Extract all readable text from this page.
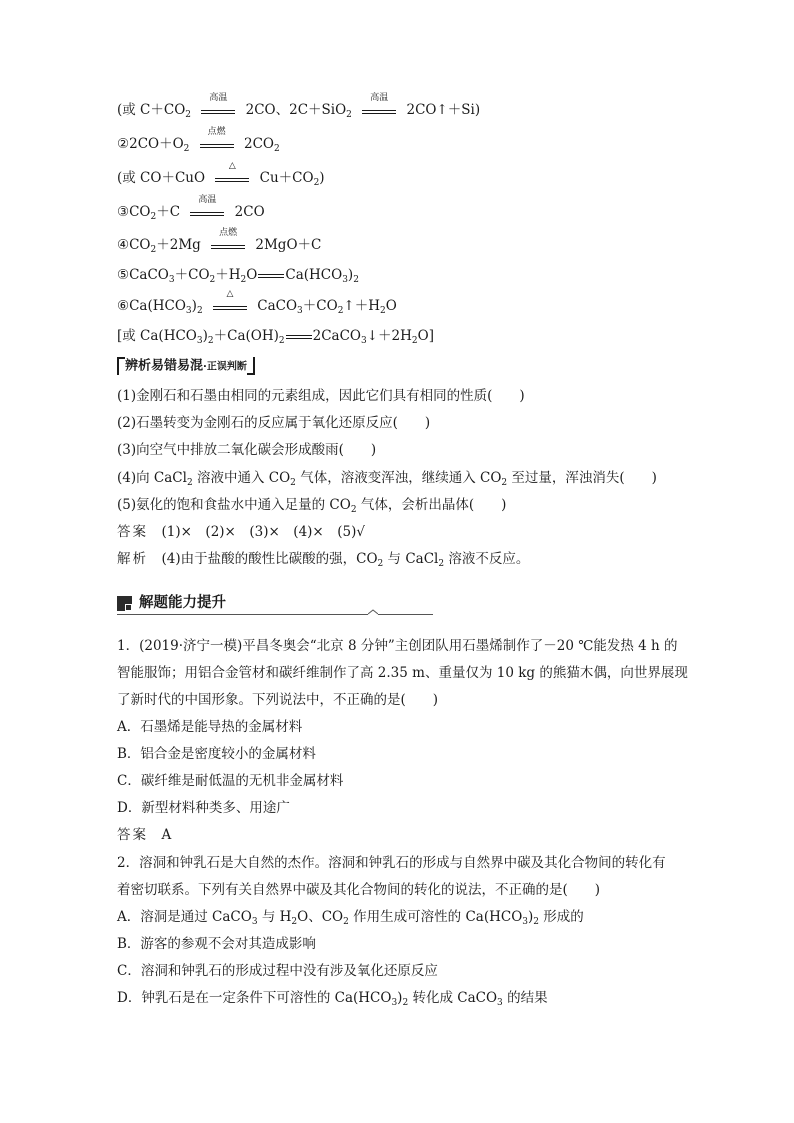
(或 $C+CO_2$
高温
2CO、2C＋SiO$_2$
高温
2CO↑＋Si)
$②2CO+O_2$
点燃
$2CO_2$
(或 CO＋CuO
△
$Cu+CO_2$)
$③CO_2+C$
高温
2CO
$④CO_2+2Mg$
点燃
2MgO＋C
$⑤CaCO_3+CO_2+H_2O$ $Ca(HCO_3)_2$
$⑥Ca(HCO_3)_2$
△
$CaCO_3+CO_2↑+H_2O$
[或 $Ca(HCO_3)_2+Ca(OH)_2$ $2CaCO_3↓+2H_2O$]
辨析易错易混·正误判断
(1)金刚石和石墨由相同的元素组成，因此它们具有相同的性质(　　)
(2)石墨转变为金刚石的反应属于氧化还原反应(　　)
(3)向空气中排放二氧化碳会形成酸雨(　　)
(4)向 CaCl$_2$ 溶液中通入 $CO_2$ 气体，溶液变浑浊，继续通入 $CO_2$ 至过量，浑浊消失(　　)
(5)氨化的饱和食盐水中通入足量的 $CO_2$ 气体，会析出晶体(　　)
答案　 (1)×　(2)×　(3)×　(4)×　(5)√
解析　 (4)由于盐酸的酸性比碳酸的强，$CO_2$ 与 CaCl$_2$ 溶液不反应。
解题能力提升
1．(2019·济宁一模)平昌冬奥会“北京 8 分钟”主创团队用石墨烯制作了－20 ℃能发热 4 h 的
智能服饰；用铝合金管材和碳纤维制作了高 2.35 m、重量仅为 10 kg 的熊猫木偶，向世界展现
了新时代的中国形象。下列说法中，不正确的是(　　)
A．石墨烯是能导热的金属材料
B．铝合金是密度较小的金属材料
C．碳纤维是耐低温的无机非金属材料
D．新型材料种类多、用途广
答案　 A
2．溶洞和钟乳石是大自然的杰作。溶洞和钟乳石的形成与自然界中碳及其化合物间的转化有
着密切联系。下列有关自然界中碳及其化合物间的转化的说法，不正确的是(　　)
A．溶洞是通过 CaCO$_3$ 与 $H_2O$、$CO_2$ 作用生成可溶性的 $Ca(HCO_3)_2$ 形成的
B．游客的参观不会对其造成影响
C．溶洞和钟乳石的形成过程中没有涉及氧化还原反应
D．钟乳石是在一定条件下可溶性的 $Ca(HCO_3)_2$ 转化成 CaCO$_3$ 的结果
